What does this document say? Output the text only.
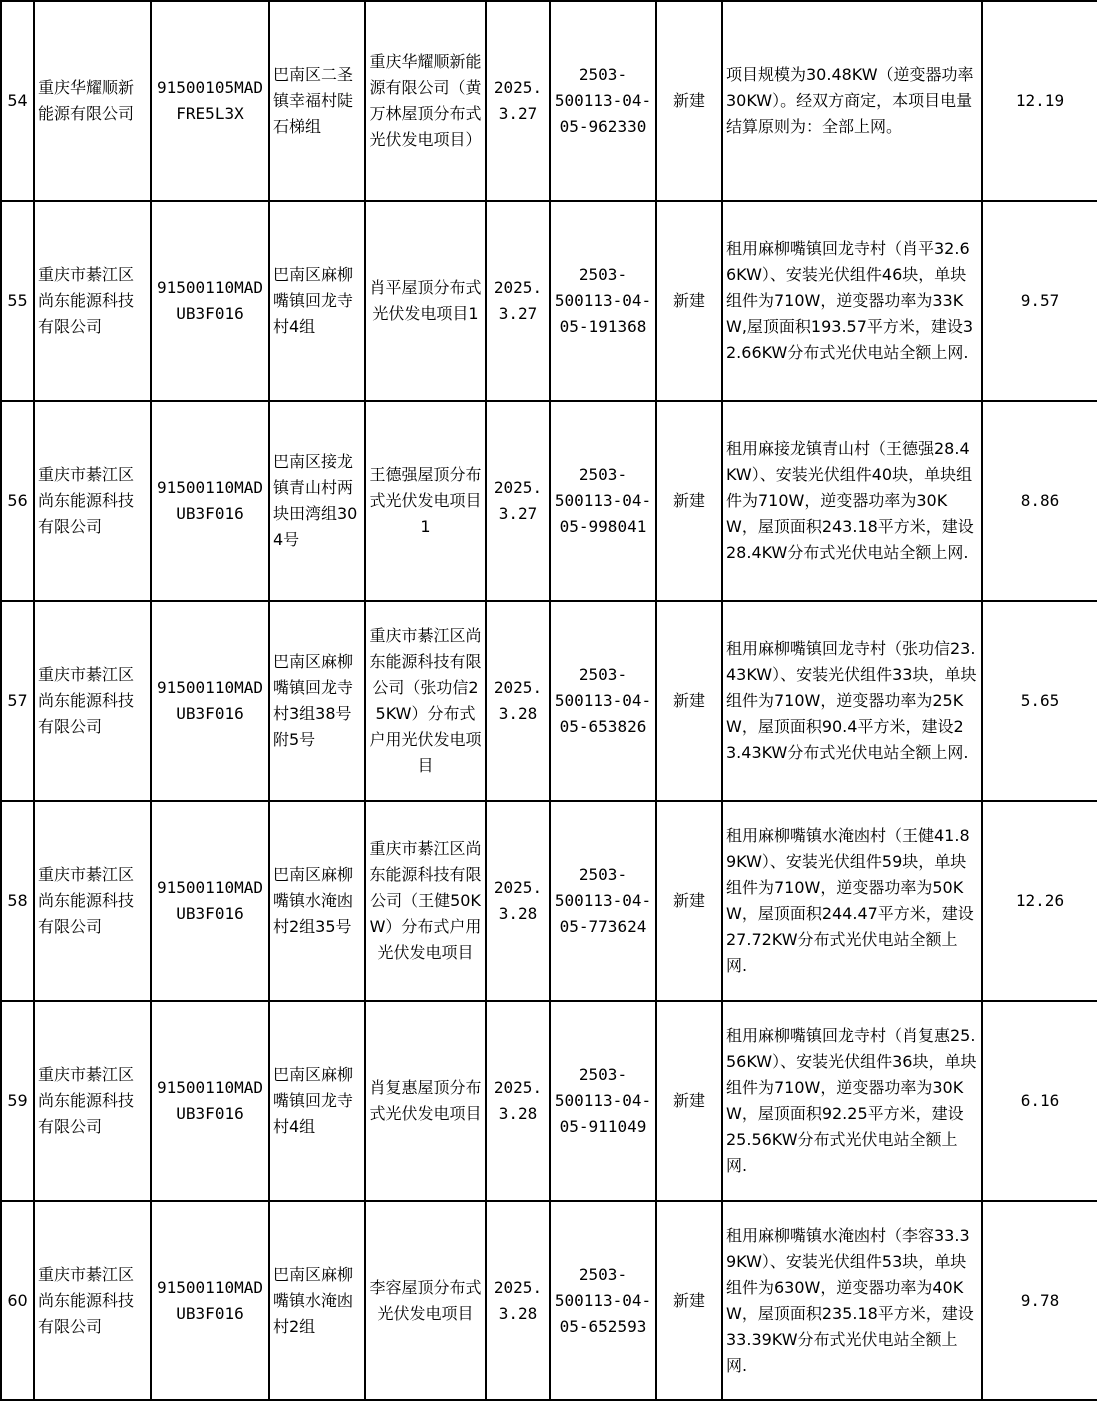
54	重庆华耀顺新能源有限公司	91500105MAD
FRE5L3X	巴南区二圣镇幸福村陡石梯组	重庆华耀顺新能源有限公司（黄万林屋顶分布式光伏发电项目）	2025.
3.27	2503-
500113-04-
05-962330	新建	项目规模为30.48KW（逆变器功率30KW）。经双方商定，本项目电量结算原则为：全部上网。	12.19
55	重庆市綦江区尚东能源科技有限公司	91500110MAD
UB3F016	巴南区麻柳嘴镇回龙寺村4组	肖平屋顶分布式光伏发电项目1	2025.
3.27	2503-
500113-04-
05-191368	新建	租用麻柳嘴镇回龙寺村（肖平32.66KW）、安装光伏组件46块，单块组件为710W，逆变器功率为33KW,屋顶面积193.57平方米，建设32.66KW分布式光伏电站全额上网.	9.57
56	重庆市綦江区尚东能源科技有限公司	91500110MAD
UB3F016	巴南区接龙镇青山村两块田湾组304号	王德强屋顶分布式光伏发电项目1	2025.
3.27	2503-
500113-04-
05-998041	新建	租用麻接龙镇青山村（王德强28.4KW）、安装光伏组件40块，单块组件为710W，逆变器功率为30KW，屋顶面积243.18平方米，建设28.4KW分布式光伏电站全额上网.	8.86
57	重庆市綦江区尚东能源科技有限公司	91500110MAD
UB3F016	巴南区麻柳嘴镇回龙寺村3组38号附5号	重庆市綦江区尚东能源科技有限公司（张功信25KW）分布式户用光伏发电项目	2025.
3.28	2503-
500113-04-
05-653826	新建	租用麻柳嘴镇回龙寺村（张功信23.43KW）、安装光伏组件33块，单块组件为710W，逆变器功率为25KW，屋顶面积90.4平方米，建设23.43KW分布式光伏电站全额上网.	5.65
58	重庆市綦江区尚东能源科技有限公司	91500110MAD
UB3F016	巴南区麻柳嘴镇水淹凼村2组35号	重庆市綦江区尚东能源科技有限公司（王健50KW）分布式户用光伏发电项目	2025.
3.28	2503-
500113-04-
05-773624	新建	租用麻柳嘴镇水淹凼村（王健41.89KW）、安装光伏组件59块，单块组件为710W，逆变器功率为50KW，屋顶面积244.47平方米，建设27.72KW分布式光伏电站全额上网.	12.26
59	重庆市綦江区尚东能源科技有限公司	91500110MAD
UB3F016	巴南区麻柳嘴镇回龙寺村4组	肖复惠屋顶分布式光伏发电项目	2025.
3.28	2503-
500113-04-
05-911049	新建	租用麻柳嘴镇回龙寺村（肖复惠25.56KW）、安装光伏组件36块，单块组件为710W，逆变器功率为30KW，屋顶面积92.25平方米，建设
25.56KW分布式光伏电站全额上网.	6.16
60	重庆市綦江区尚东能源科技有限公司	91500110MAD
UB3F016	巴南区麻柳嘴镇水淹凼村2组	李容屋顶分布式光伏发电项目	2025.
3.28	2503-
500113-04-
05-652593	新建	租用麻柳嘴镇水淹凼村（李容33.39KW）、安装光伏组件53块，单块组件为630W，逆变器功率为40KW，屋顶面积235.18平方米，建设33.39KW分布式光伏电站全额上网.	9.78
